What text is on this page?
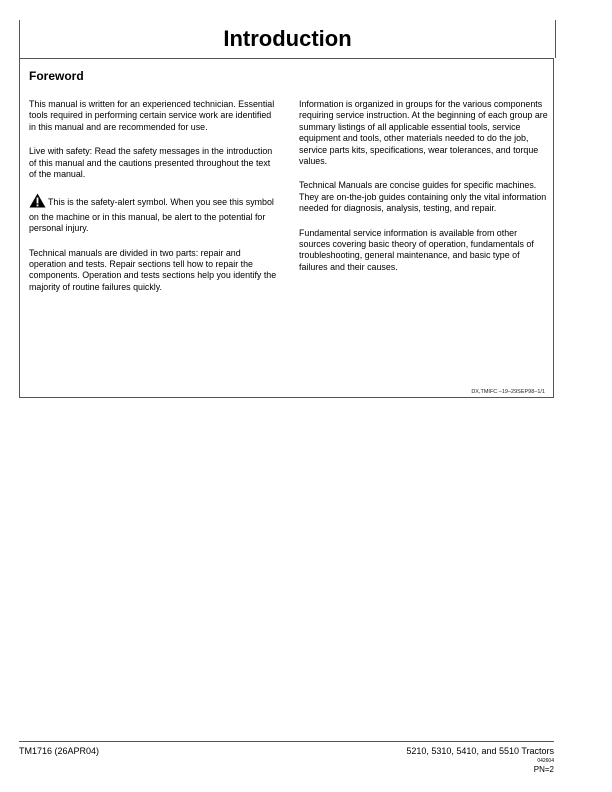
Introduction
Foreword

This manual is written for an experienced technician. Essential tools required in performing certain service work are identified in this manual and are recommended for use.

Live with safety: Read the safety messages in the introduction of this manual and the cautions presented throughout the text of the manual.

This is the safety-alert symbol. When you see this symbol on the machine or in this manual, be alert to the potential for personal injury.

Technical manuals are divided in two parts: repair and operation and tests. Repair sections tell how to repair the components. Operation and tests sections help you identify the majority of routine failures quickly.

Information is organized in groups for the various components requiring service instruction. At the beginning of each group are summary listings of all applicable essential tools, service equipment and tools, other materials needed to do the job, service parts kits, specifications, wear tolerances, and torque values.

Technical Manuals are concise guides for specific machines. They are on-the-job guides containing only the vital information needed for diagnosis, analysis, testing, and repair.

Fundamental service information is available from other sources covering basic theory of operation, fundamentals of troubleshooting, general maintenance, and basic type of failures and their causes.

DX,TMIFC –19–29SEP98–1/1
TM1716 (26APR04)	5210, 5310, 5410, and 5510 Tractors
042604
PN=2
